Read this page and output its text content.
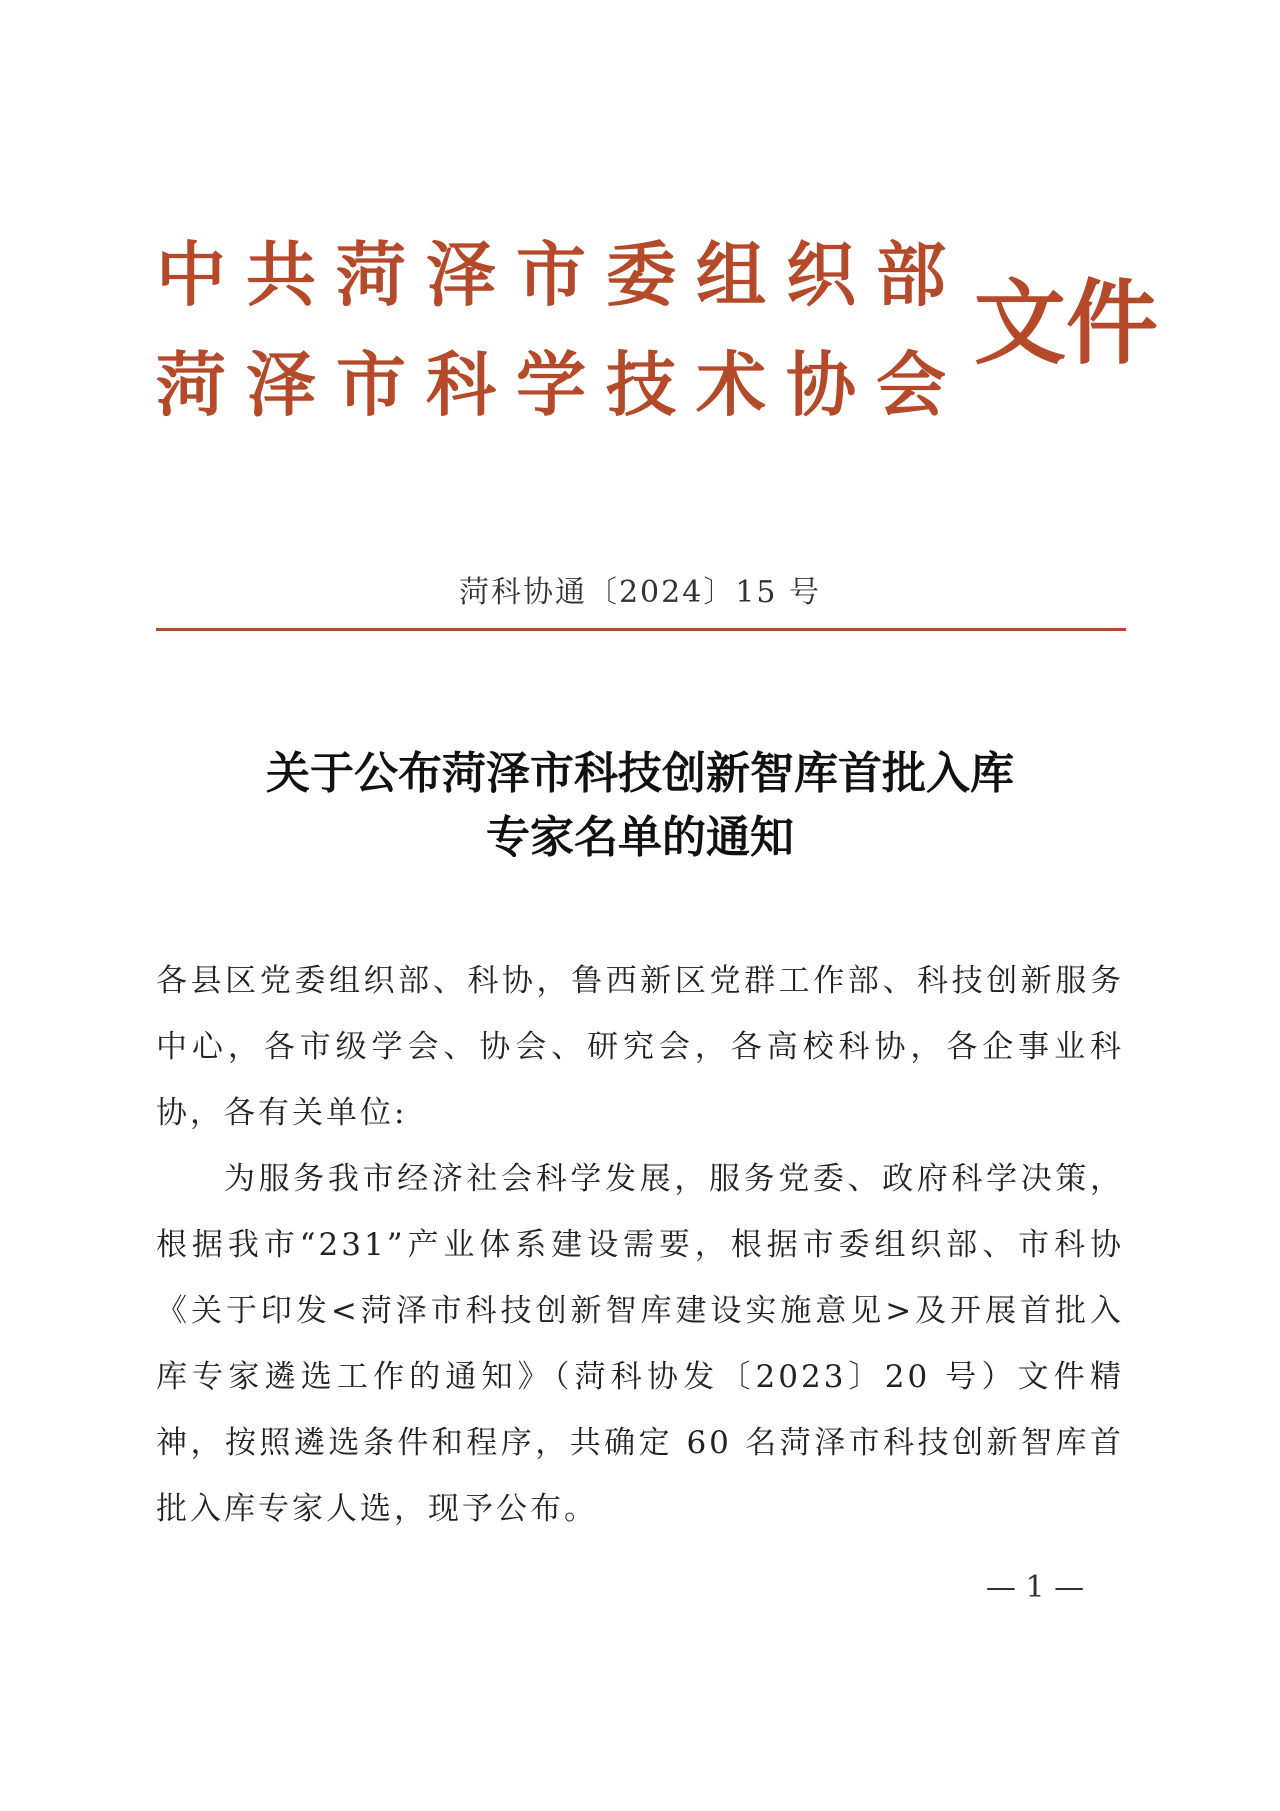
中共菏泽市委组织部
菏泽市科学技术协会
文件
菏科协通〔2024〕15 号
关于公布菏泽市科技创新智库首批入库
专家名单的通知

各县区党委组织部、科协，鲁西新区党群工作部、科技创新服务中心，各市级学会、协会、研究会，各高校科协，各企事业科协，各有关单位:

为服务我市经济社会科学发展，服务党委、政府科学决策，根据我市“231”产业体系建设需要，根据市委组织部、市科协《关于印发<菏泽市科技创新智库建设实施意见>及开展首批入库专家遴选工作的通知》（菏科协发〔2023〕20 号）文件精神，按照遴选条件和程序，共确定 60 名菏泽市科技创新智库首批入库专家人选，现予公布。

— 1 —
